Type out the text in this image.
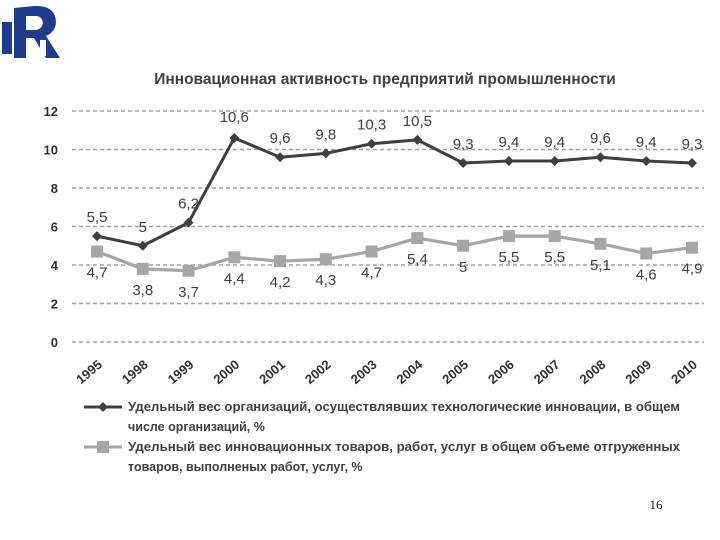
Инновационная активность предприятий промышленности
0
2
4
6
8
10
12
1995 1998 1999 2000 2001 2002 2003 2004 2005 2006 2007 2008 2009 2010
5,5
5
6,2
10,6
9,6 9,8
10,3 10,5
9,3 9,4 9,4 9,6 9,4 9,3
4,7
3,8 3,7
4,4 4,2 4,3 4,7
5,4 5
5,5 5,5 5,1
4,6 4,9
Удельный вес организаций, осуществлявших технологические инновации, в общем
числе организаций, %
Удельный вес инновационных товаров, работ, услуг в общем объеме отгруженных
товаров, выполненых работ, услуг, %
16
